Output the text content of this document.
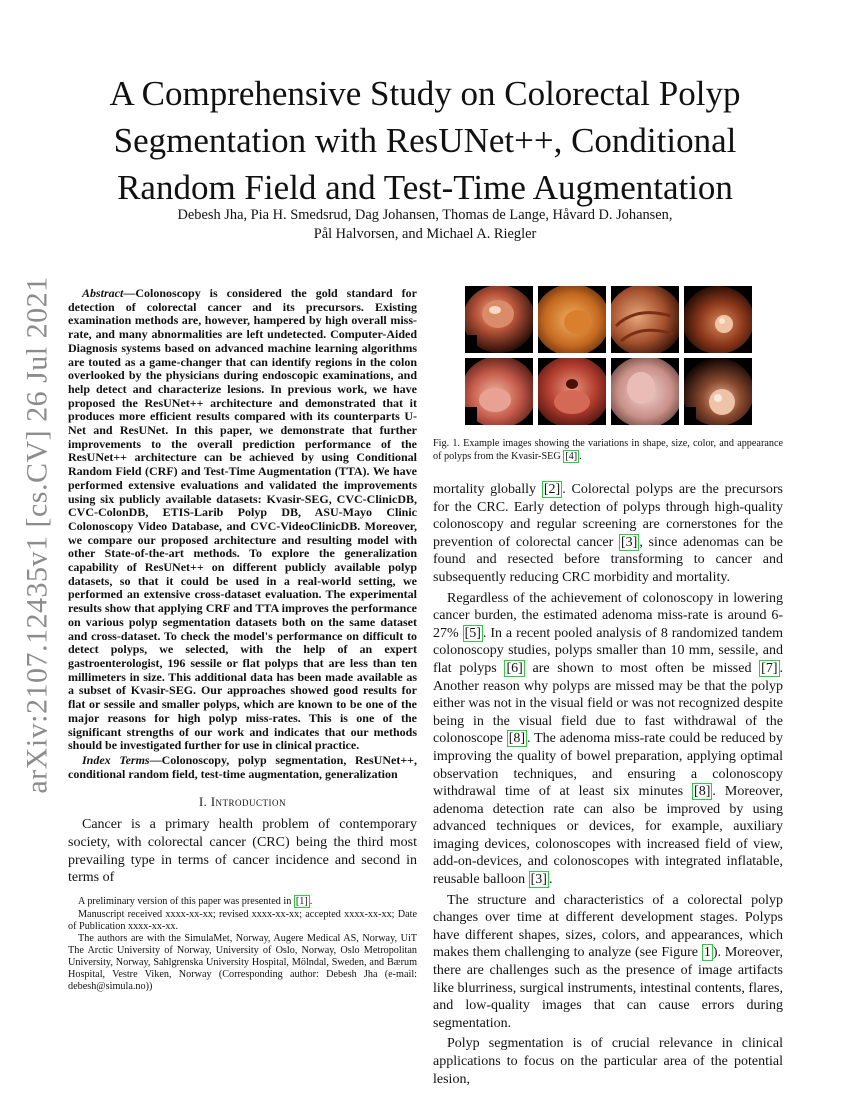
arXiv:2107.12435v1 [cs.CV] 26 Jul 2021
A Comprehensive Study on Colorectal Polyp Segmentation with ResUNet++, Conditional Random Field and Test-Time Augmentation
Debesh Jha, Pia H. Smedsrud, Dag Johansen, Thomas de Lange, Håvard D. Johansen,
Pål Halvorsen, and Michael A. Riegler

Abstract—Colonoscopy is considered the gold standard for detection of colorectal cancer and its precursors. Existing examination methods are, however, hampered by high overall miss-rate, and many abnormalities are left undetected. Computer-Aided Diagnosis systems based on advanced machine learning algorithms are touted as a game-changer that can identify regions in the colon overlooked by the physicians during endoscopic examinations, and help detect and characterize lesions. In previous work, we have proposed the ResUNet++ architecture and demonstrated that it produces more efficient results compared with its counterparts U-Net and ResUNet. In this paper, we demonstrate that further improvements to the overall prediction performance of the ResUNet++ architecture can be achieved by using Conditional Random Field (CRF) and Test-Time Augmentation (TTA). We have performed extensive evaluations and validated the improvements using six publicly available datasets: Kvasir-SEG, CVC-ClinicDB, CVC-ColonDB, ETIS-Larib Polyp DB, ASU-Mayo Clinic Colonoscopy Video Database, and CVC-VideoClinicDB. Moreover, we compare our proposed architecture and resulting model with other State-of-the-art methods. To explore the generalization capability of ResUNet++ on different publicly available polyp datasets, so that it could be used in a real-world setting, we performed an extensive cross-dataset evaluation. The experimental results show that applying CRF and TTA improves the performance on various polyp segmentation datasets both on the same dataset and cross-dataset. To check the model's performance on difficult to detect polyps, we selected, with the help of an expert gastroenterologist, 196 sessile or flat polyps that are less than ten millimeters in size. This additional data has been made available as a subset of Kvasir-SEG. Our approaches showed good results for flat or sessile and smaller polyps, which are known to be one of the major reasons for high polyp miss-rates. This is one of the significant strengths of our work and indicates that our methods should be investigated further for use in clinical practice.

Index Terms—Colonoscopy, polyp segmentation, ResUNet++, conditional random field, test-time augmentation, generalization

I. Introduction

Cancer is a primary health problem of contemporary society, with colorectal cancer (CRC) being the third most prevailing type in terms of cancer incidence and second in terms of

A preliminary version of this paper was presented in [1] .

Manuscript received xxxx-xx-xx; revised xxxx-xx-xx; accepted xxxx-xx-xx; Date of Publication xxxx-xx-xx.

The authors are with the SimulaMet, Norway, Augere Medical AS, Norway, UiT The Arctic University of Norway, University of Oslo, Norway, Oslo Metropolitan University, Norway, Sahlgrenska University Hospital, Mölndal, Sweden, and Bærum Hospital, Vestre Viken, Norway (Corresponding author: Debesh Jha (e-mail: debesh@simula.no))

Fig. 1. Example images showing the variations in shape, size, color, and appearance of polyps from the Kvasir-SEG [4] .

mortality globally [2] . Colorectal polyps are the precursors for the CRC. Early detection of polyps through high-quality colonoscopy and regular screening are cornerstones for the prevention of colorectal cancer [3] , since adenomas can be found and resected before transforming to cancer and subsequently reducing CRC morbidity and mortality.

Regardless of the achievement of colonoscopy in lowering cancer burden, the estimated adenoma miss-rate is around 6-27% [5] . In a recent pooled analysis of 8 randomized tandem colonoscopy studies, polyps smaller than 10 mm, sessile, and flat polyps [6] are shown to most often be missed [7] . Another reason why polyps are missed may be that the polyp either was not in the visual field or was not recognized despite being in the visual field due to fast withdrawal of the colonoscope [8] . The adenoma miss-rate could be reduced by improving the quality of bowel preparation, applying optimal observation techniques, and ensuring a colonoscopy withdrawal time of at least six minutes [8] . Moreover, adenoma detection rate can also be improved by using advanced techniques or devices, for example, auxiliary imaging devices, colonoscopes with increased field of view, add-on-devices, and colonoscopes with integrated inflatable, reusable balloon [3] .

The structure and characteristics of a colorectal polyp changes over time at different development stages. Polyps have different shapes, sizes, colors, and appearances, which makes them challenging to analyze (see Figure 1 ). Moreover, there are challenges such as the presence of image artifacts like blurriness, surgical instruments, intestinal contents, flares, and low-quality images that can cause errors during segmentation.

Polyp segmentation is of crucial relevance in clinical applications to focus on the particular area of the potential lesion,
